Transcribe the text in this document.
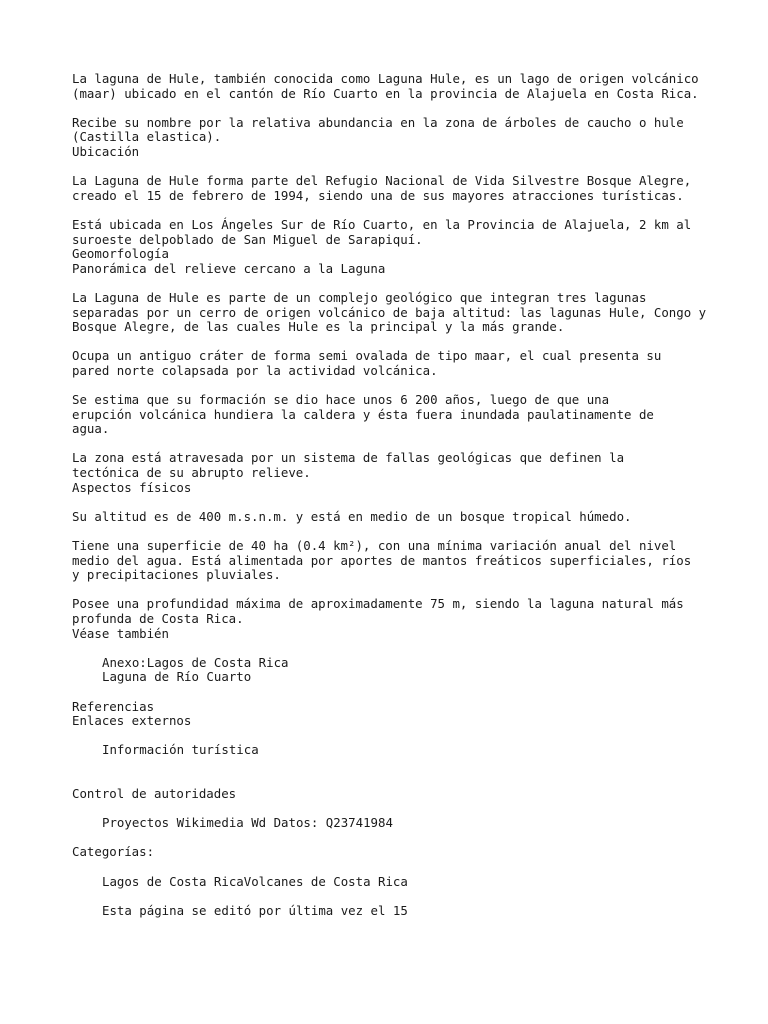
La laguna de Hule, también conocida como Laguna Hule, es un lago de origen volcánico (maar) ubicado en el cantón de Río Cuarto en la provincia de Alajuela en Costa Rica.

Recibe su nombre por la relativa abundancia en la zona de árboles de caucho o hule (Castilla elastica).

Ubicación

La Laguna de Hule forma parte del Refugio Nacional de Vida Silvestre Bosque Alegre, creado el 15 de febrero de 1994, siendo una de sus mayores atracciones turísticas.

Está ubicada en Los Ángeles Sur de Río Cuarto, en la Provincia de Alajuela, 2 km al suroeste delpoblado de San Miguel de Sarapiquí.

Geomorfología

Panorámica del relieve cercano a la Laguna

La Laguna de Hule es parte de un complejo geológico que integran tres lagunas separadas por un cerro de origen volcánico de baja altitud: las lagunas Hule, Congo y Bosque Alegre, de las cuales Hule es la principal y la más grande.

Ocupa un antiguo cráter de forma semi ovalada de tipo maar, el cual presenta su pared norte colapsada por la actividad volcánica.

Se estima que su formación se dio hace unos 6 200 años, luego de que una erupción volcánica hundiera la caldera y ésta fuera inundada paulatinamente de agua.

La zona está atravesada por un sistema de fallas geológicas que definen la tectónica de su abrupto relieve.

Aspectos físicos

Su altitud es de 400 m.s.n.m. y está en medio de un bosque tropical húmedo.

Tiene una superficie de 40 ha (0.4 km²), con una mínima variación anual del nivel medio del agua. Está alimentada por aportes de mantos freáticos superficiales, ríos y precipitaciones pluviales.

Posee una profundidad máxima de aproximadamente 75 m, siendo la laguna natural más profunda de Costa Rica.

Véase también

Anexo:Lagos de Costa Rica

Laguna de Río Cuarto

Referencias

Enlaces externos

Información turística

Control de autoridades

Proyectos Wikimedia Wd Datos: Q23741984

Categorías:

Lagos de Costa RicaVolcanes de Costa Rica

Esta página se editó por última vez el 15
